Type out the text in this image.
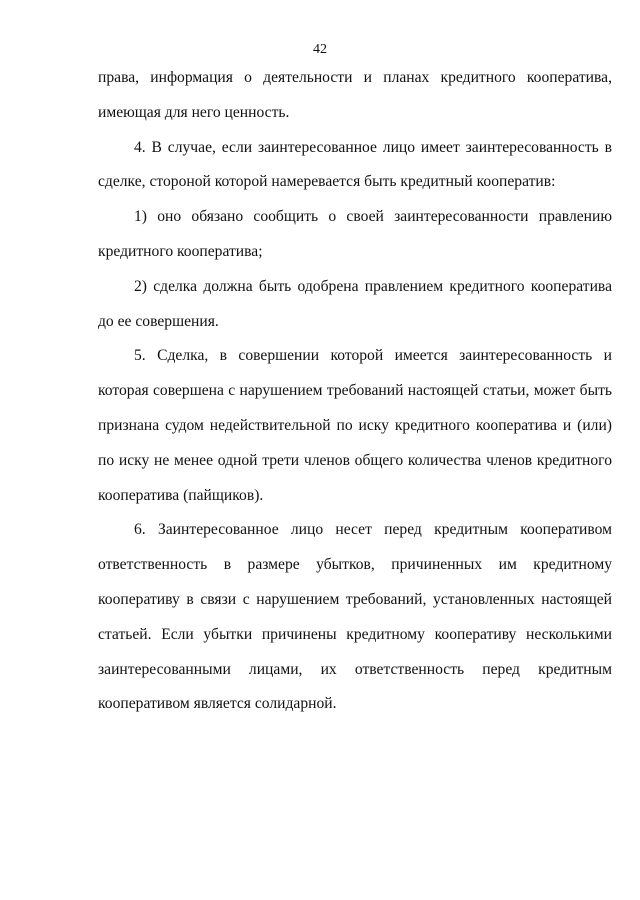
42

права, информация о деятельности и планах кредитного кооператива, имеющая для него ценность.

4. В случае, если заинтересованное лицо имеет заинтересованность в сделке, стороной которой намеревается быть кредитный кооператив:

1) оно обязано сообщить о своей заинтересованности правлению кредитного кооператива;

2) сделка должна быть одобрена правлением кредитного кооператива до ее совершения.

5. Сделка, в совершении которой имеется заинтересованность и которая совершена с нарушением требований настоящей статьи, может быть признана судом недействительной по иску кредитного кооператива и (или) по иску не менее одной трети членов общего количества членов кредитного кооператива (пайщиков).

6. Заинтересованное лицо несет перед кредитным кооперативом ответственность в размере убытков, причиненных им кредитному кооперативу в связи с нарушением требований, установленных настоящей статьей. Если убытки причинены кредитному кооперативу несколькими заинтересованными лицами, их ответственность перед кредитным кооперативом является солидарной.
